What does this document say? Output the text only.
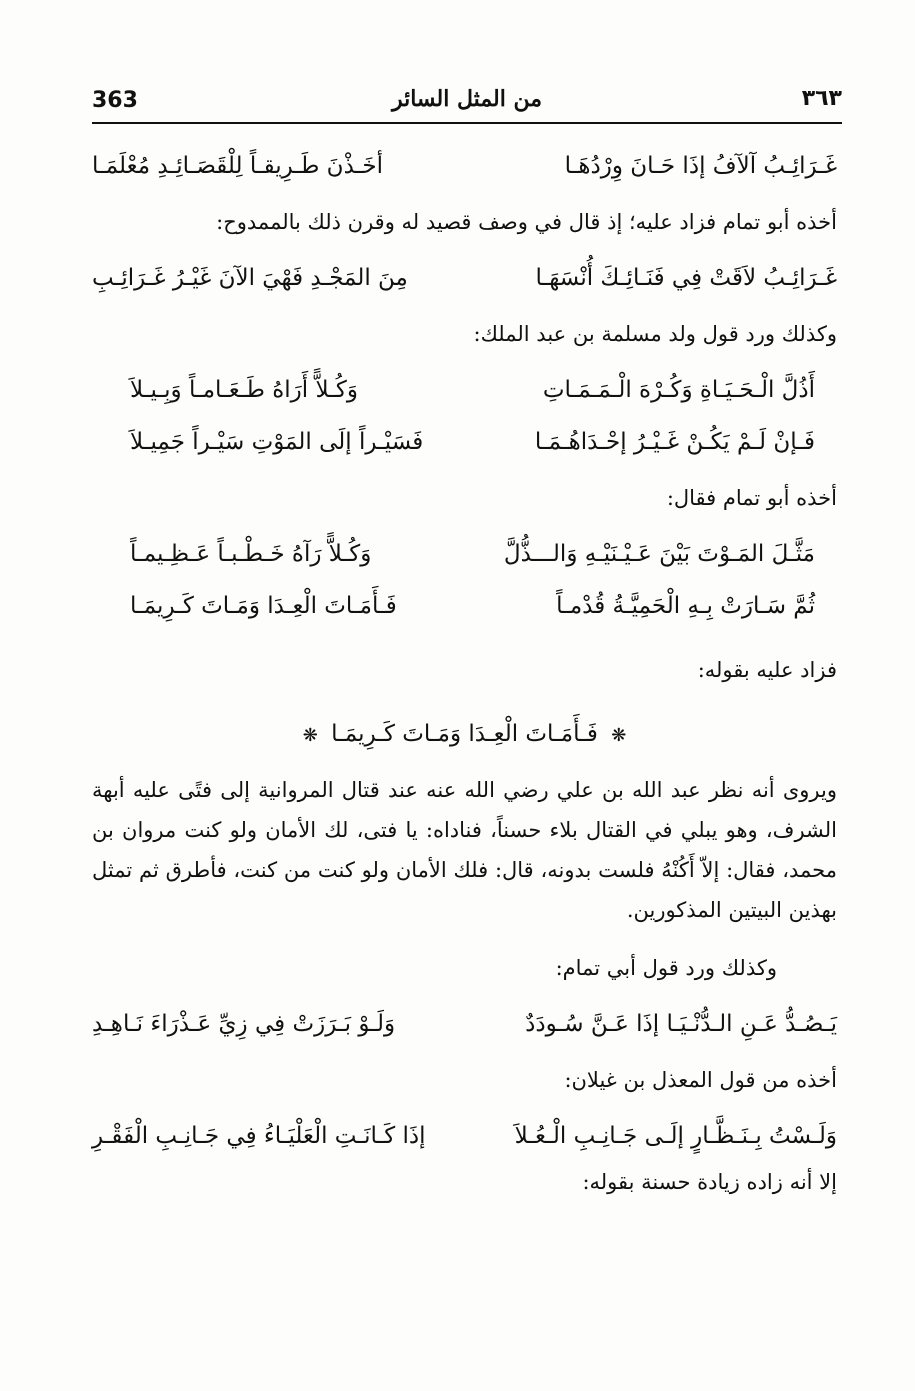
٣٦٣
من المثل السائر
363
غَـرَائِـبُ آلآفُ إذَا حَـانَ وِرْدُهَـا
أخَـذْنَ طَـرِيقـاً لِلْقَصَـائِـدِ مُعْلَمَـا

أخذه أبو تمام فزاد عليه؛ إذ قال في وصف قصيد له وقرن ذلك بالممدوح:

غَـرَائِـبُ لاَقَتْ فِي فَنَـائِـكَ أُنْسَهَـا
مِنَ المَجْـدِ فَهْيَ الآنَ غَيْـرُ غَـرَائِـبِ

وكذلك ورد قول ولد مسلمة بن عبد الملك:

أَذُلَّ الْـحَـيَـاةِ وَكُـرْهَ الْـمَـمَـاتِ
وَكُـلاًّ أَرَاهُ طَـعَـامـاً وَبِـيـلاَ
فَـإنْ لَـمْ يَكُـنْ غَـيْـرُ إحْـدَاهُـمَـا
فَسَيْـراً إلَى المَوْتِ سَيْـراً جَمِيـلاَ

أخذه أبو تمام فقال:

مَثَّـلَ المَـوْتَ بَيْنَ عَـيْـنَيْـهِ وَالـــذُّلَّ
وَكُـلاًّ رَآهُ خَـطْـبـاً عَـظِـيمـاً
ثُمَّ سَـارَتْ بِـهِ الْحَمِيَّـةُ قُدْمـاً
فَـأَمَـاتَ الْعِـدَا وَمَـاتَ كَـرِيمَـا

فزاد عليه بقوله:

❋ فَـأَمَـاتَ الْعِـدَا وَمَـاتَ كَـرِيمَـا ❋

ويروى أنه نظر عبد الله بن علي رضي الله عنه عند قتال المروانية إلى فتًى عليه أبهة الشرف، وهو يبلي في القتال بلاء حسناً، فناداه: يا فتى، لك الأمان ولو كنت مروان بن محمد، فقال: إلاّ أَكُنْهُ فلست بدونه، قال: فلك الأمان ولو كنت من كنت، فأطرق ثم تمثل بهذين البيتين المذكورين.

وكذلك ورد قول أبي تمام:

يَـصُـدُّ عَـنِ الـدُّنْـيَـا إذَا عَـنَّ سُـودَدٌ
وَلَـوْ بَـرَزَتْ فِي زِيِّ عَـذْرَاءَ نَـاهِـدِ

أخذه من قول المعذل بن غيلان:

وَلَـسْتُ بِـنَـظَّـارٍ إلَـى جَـانِـبِ الْـعُـلاَ
إذَا كَـانَـتِ الْعَلْيَـاءُ فِي جَـانِـبِ الْفَقْـرِ

إلا أنه زاده زيادة حسنة بقوله:
